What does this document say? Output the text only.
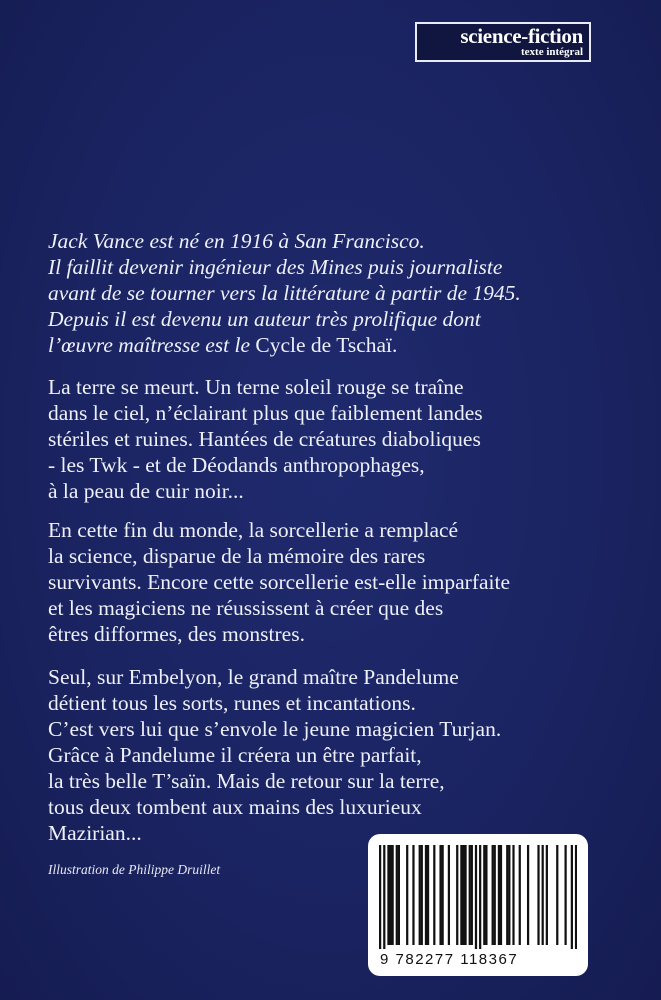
science-fiction
texte intégral
Jack Vance est né en 1916 à San Francisco.
Il faillit devenir ingénieur des Mines puis journaliste
avant de se tourner vers la littérature à partir de 1945.
Depuis il est devenu un auteur très prolifique dont
l’œuvre maîtresse est le Cycle de Tschaï.
La terre se meurt. Un terne soleil rouge se traîne
dans le ciel, n’éclairant plus que faiblement landes
stériles et ruines. Hantées de créatures diaboliques
- les Twk - et de Déodands anthropophages,
à la peau de cuir noir...
En cette fin du monde, la sorcellerie a remplacé
la science, disparue de la mémoire des rares
survivants. Encore cette sorcellerie est-elle imparfaite
et les magiciens ne réussissent à créer que des
êtres difformes, des monstres.
Seul, sur Embelyon, le grand maître Pandelume
détient tous les sorts, runes et incantations.
C’est vers lui que s’envole le jeune magicien Turjan.
Grâce à Pandelume il créera un être parfait,
la très belle T’saïn. Mais de retour sur la terre,
tous deux tombent aux mains des luxurieux
Mazirian...
Illustration de Philippe Druillet
9 782277 118367
